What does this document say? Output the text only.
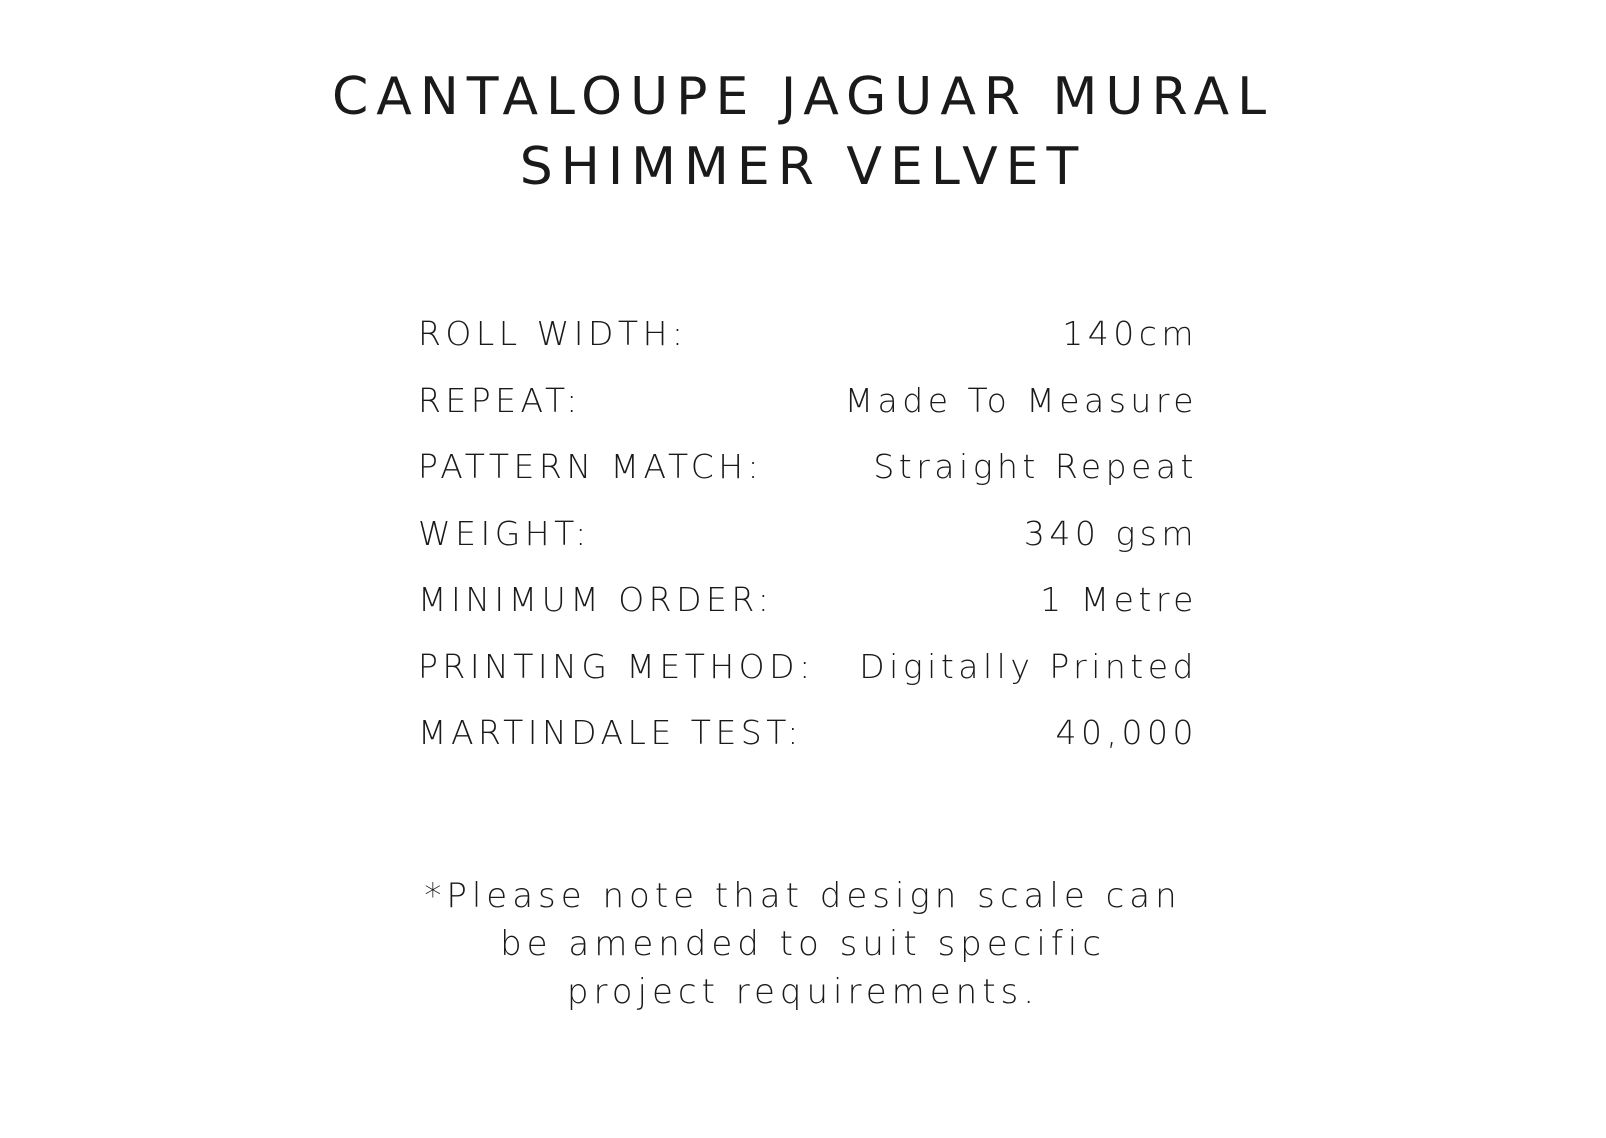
CANTALOUPE JAGUAR MURAL
SHIMMER VELVET
ROLL WIDTH:	140cm
REPEAT:	Made To Measure
PATTERN MATCH:	Straight Repeat
WEIGHT:	340 gsm
MINIMUM ORDER:	1 Metre
PRINTING METHOD: Digitally Printed
MARTINDALE TEST:	40,000

*Please note that design scale can
be amended to suit specific
project requirements.
